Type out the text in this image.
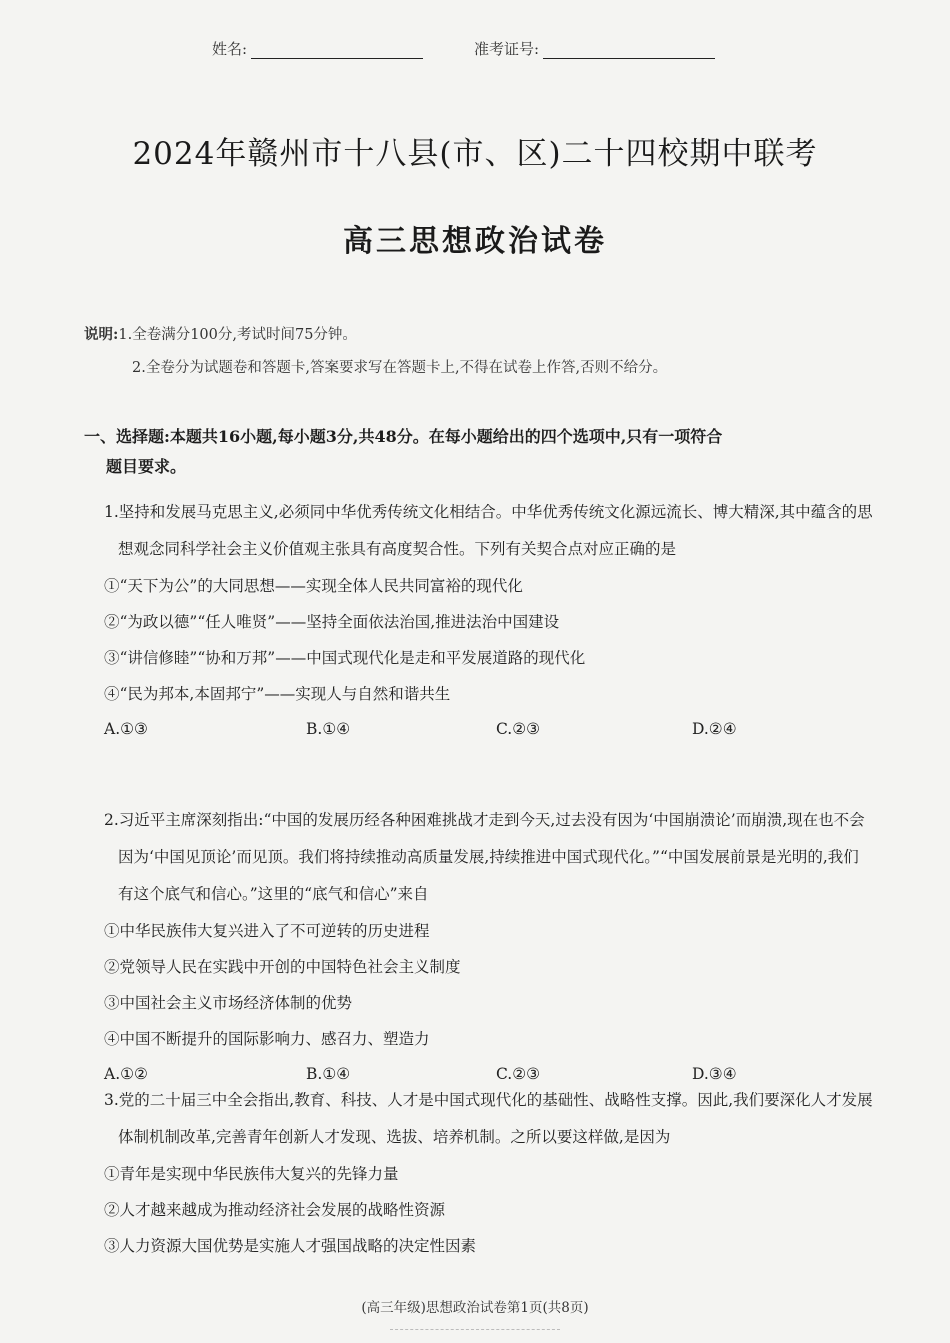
姓名:	准考证号:
2024年赣州市十八县(市、区)二十四校期中联考
高三思想政治试卷
说明:1.全卷满分100分,考试时间75分钟。
2.全卷分为试题卷和答题卡,答案要求写在答题卡上,不得在试卷上作答,否则不给分。
一、选择题:本题共16小题,每小题3分,共48分。在每小题给出的四个选项中,只有一项符合
题目要求。
1.坚持和发展马克思主义,必须同中华优秀传统文化相结合。中华优秀传统文化源远流长、博大精深,其中蕴含的思想观念同科学社会主义价值观主张具有高度契合性。下列有关契合点对应正确的是
①“天下为公”的大同思想——实现全体人民共同富裕的现代化
②“为政以德”“任人唯贤”——坚持全面依法治国,推进法治中国建设
③“讲信修睦”“协和万邦”——中国式现代化是走和平发展道路的现代化
④“民为邦本,本固邦宁”——实现人与自然和谐共生
A.①③	B.①④	C.②③	D.②④
2.习近平主席深刻指出:“中国的发展历经各种困难挑战才走到今天,过去没有因为‘中国崩溃论’而崩溃,现在也不会因为‘中国见顶论’而见顶。我们将持续推动高质量发展,持续推进中国式现代化。”“中国发展前景是光明的,我们有这个底气和信心。”这里的“底气和信心”来自
①中华民族伟大复兴进入了不可逆转的历史进程
②党领导人民在实践中开创的中国特色社会主义制度
③中国社会主义市场经济体制的优势
④中国不断提升的国际影响力、感召力、塑造力
A.①②	B.①④	C.②③	D.③④
3.党的二十届三中全会指出,教育、科技、人才是中国式现代化的基础性、战略性支撑。因此,我们要深化人才发展体制机制改革,完善青年创新人才发现、选拔、培养机制。之所以要这样做,是因为
①青年是实现中华民族伟大复兴的先锋力量
②人才越来越成为推动经济社会发展的战略性资源
③人力资源大国优势是实施人才强国战略的决定性因素
(高三年级)思想政治试卷第1页(共8页)
